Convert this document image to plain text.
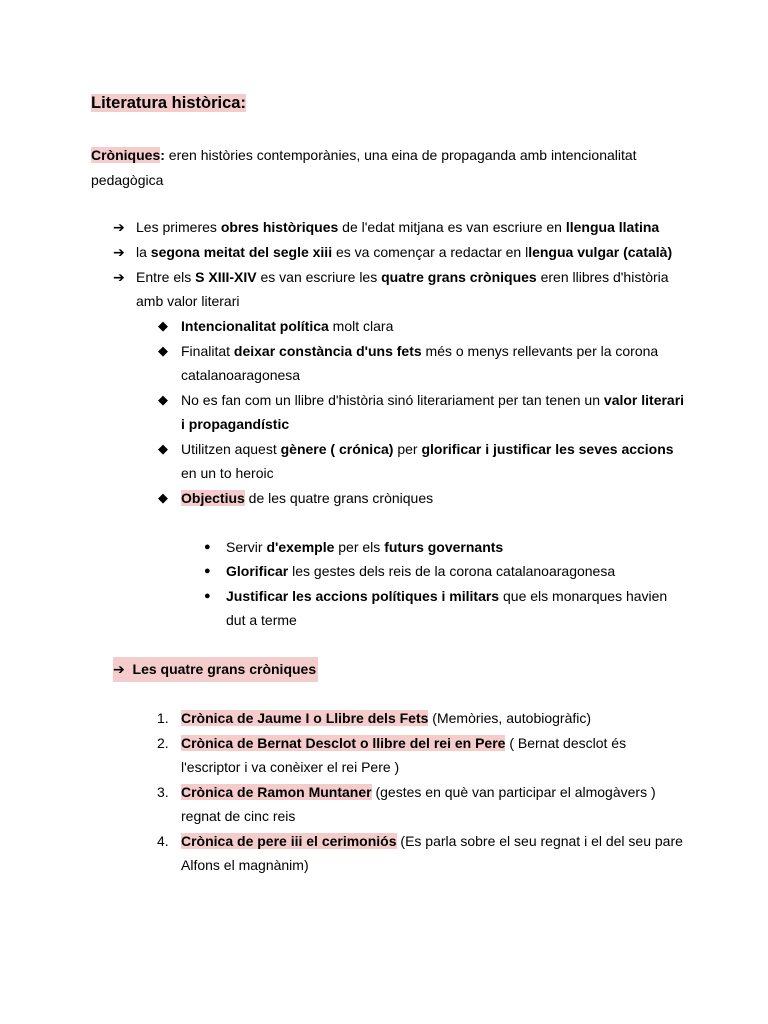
Literatura històrica:
Cròniques: eren històries contemporànies, una eina de propaganda amb intencionalitat pedagògica
➔ Les primeres obres històriques de l'edat mitjana es van escriure en llengua llatina
➔ la segona meitat del segle xiii es va començar a redactar en llengua vulgar (català)
➔ Entre els S XIII-XIV es van escriure les quatre grans cròniques eren llibres d'història
amb valor literari
◆ Intencionalitat política molt clara
◆ Finalitat deixar constància d'uns fets més o menys rellevants per la corona
catalanoaragonesa
◆ No es fan com un llibre d'història sinó literariament per tan tenen un valor literari
i propagandístic
◆ Utilitzen aquest gènere ( crónica) per glorificar i justificar les seves accions
en un to heroic
◆ Objectius de les quatre grans cròniques
● Servir d'exemple per els futurs governants
● Glorificar les gestes dels reis de la corona catalanoaragonesa
● Justificar les accions polítiques i militars que els monarques havien
dut a terme
➔ Les quatre grans cròniques
1. Crònica de Jaume I o Llibre dels Fets (Memòries, autobiogràfic)
2. Crònica de Bernat Desclot o llibre del rei en Pere ( Bernat desclot és
l'escriptor i va conèixer el rei Pere )
3. Crònica de Ramon Muntaner (gestes en què van participar el almogàvers )
regnat de cinc reis
4. Crònica de pere iii el cerimoniós (Es parla sobre el seu regnat i el del seu pare
Alfons el magnànim)
